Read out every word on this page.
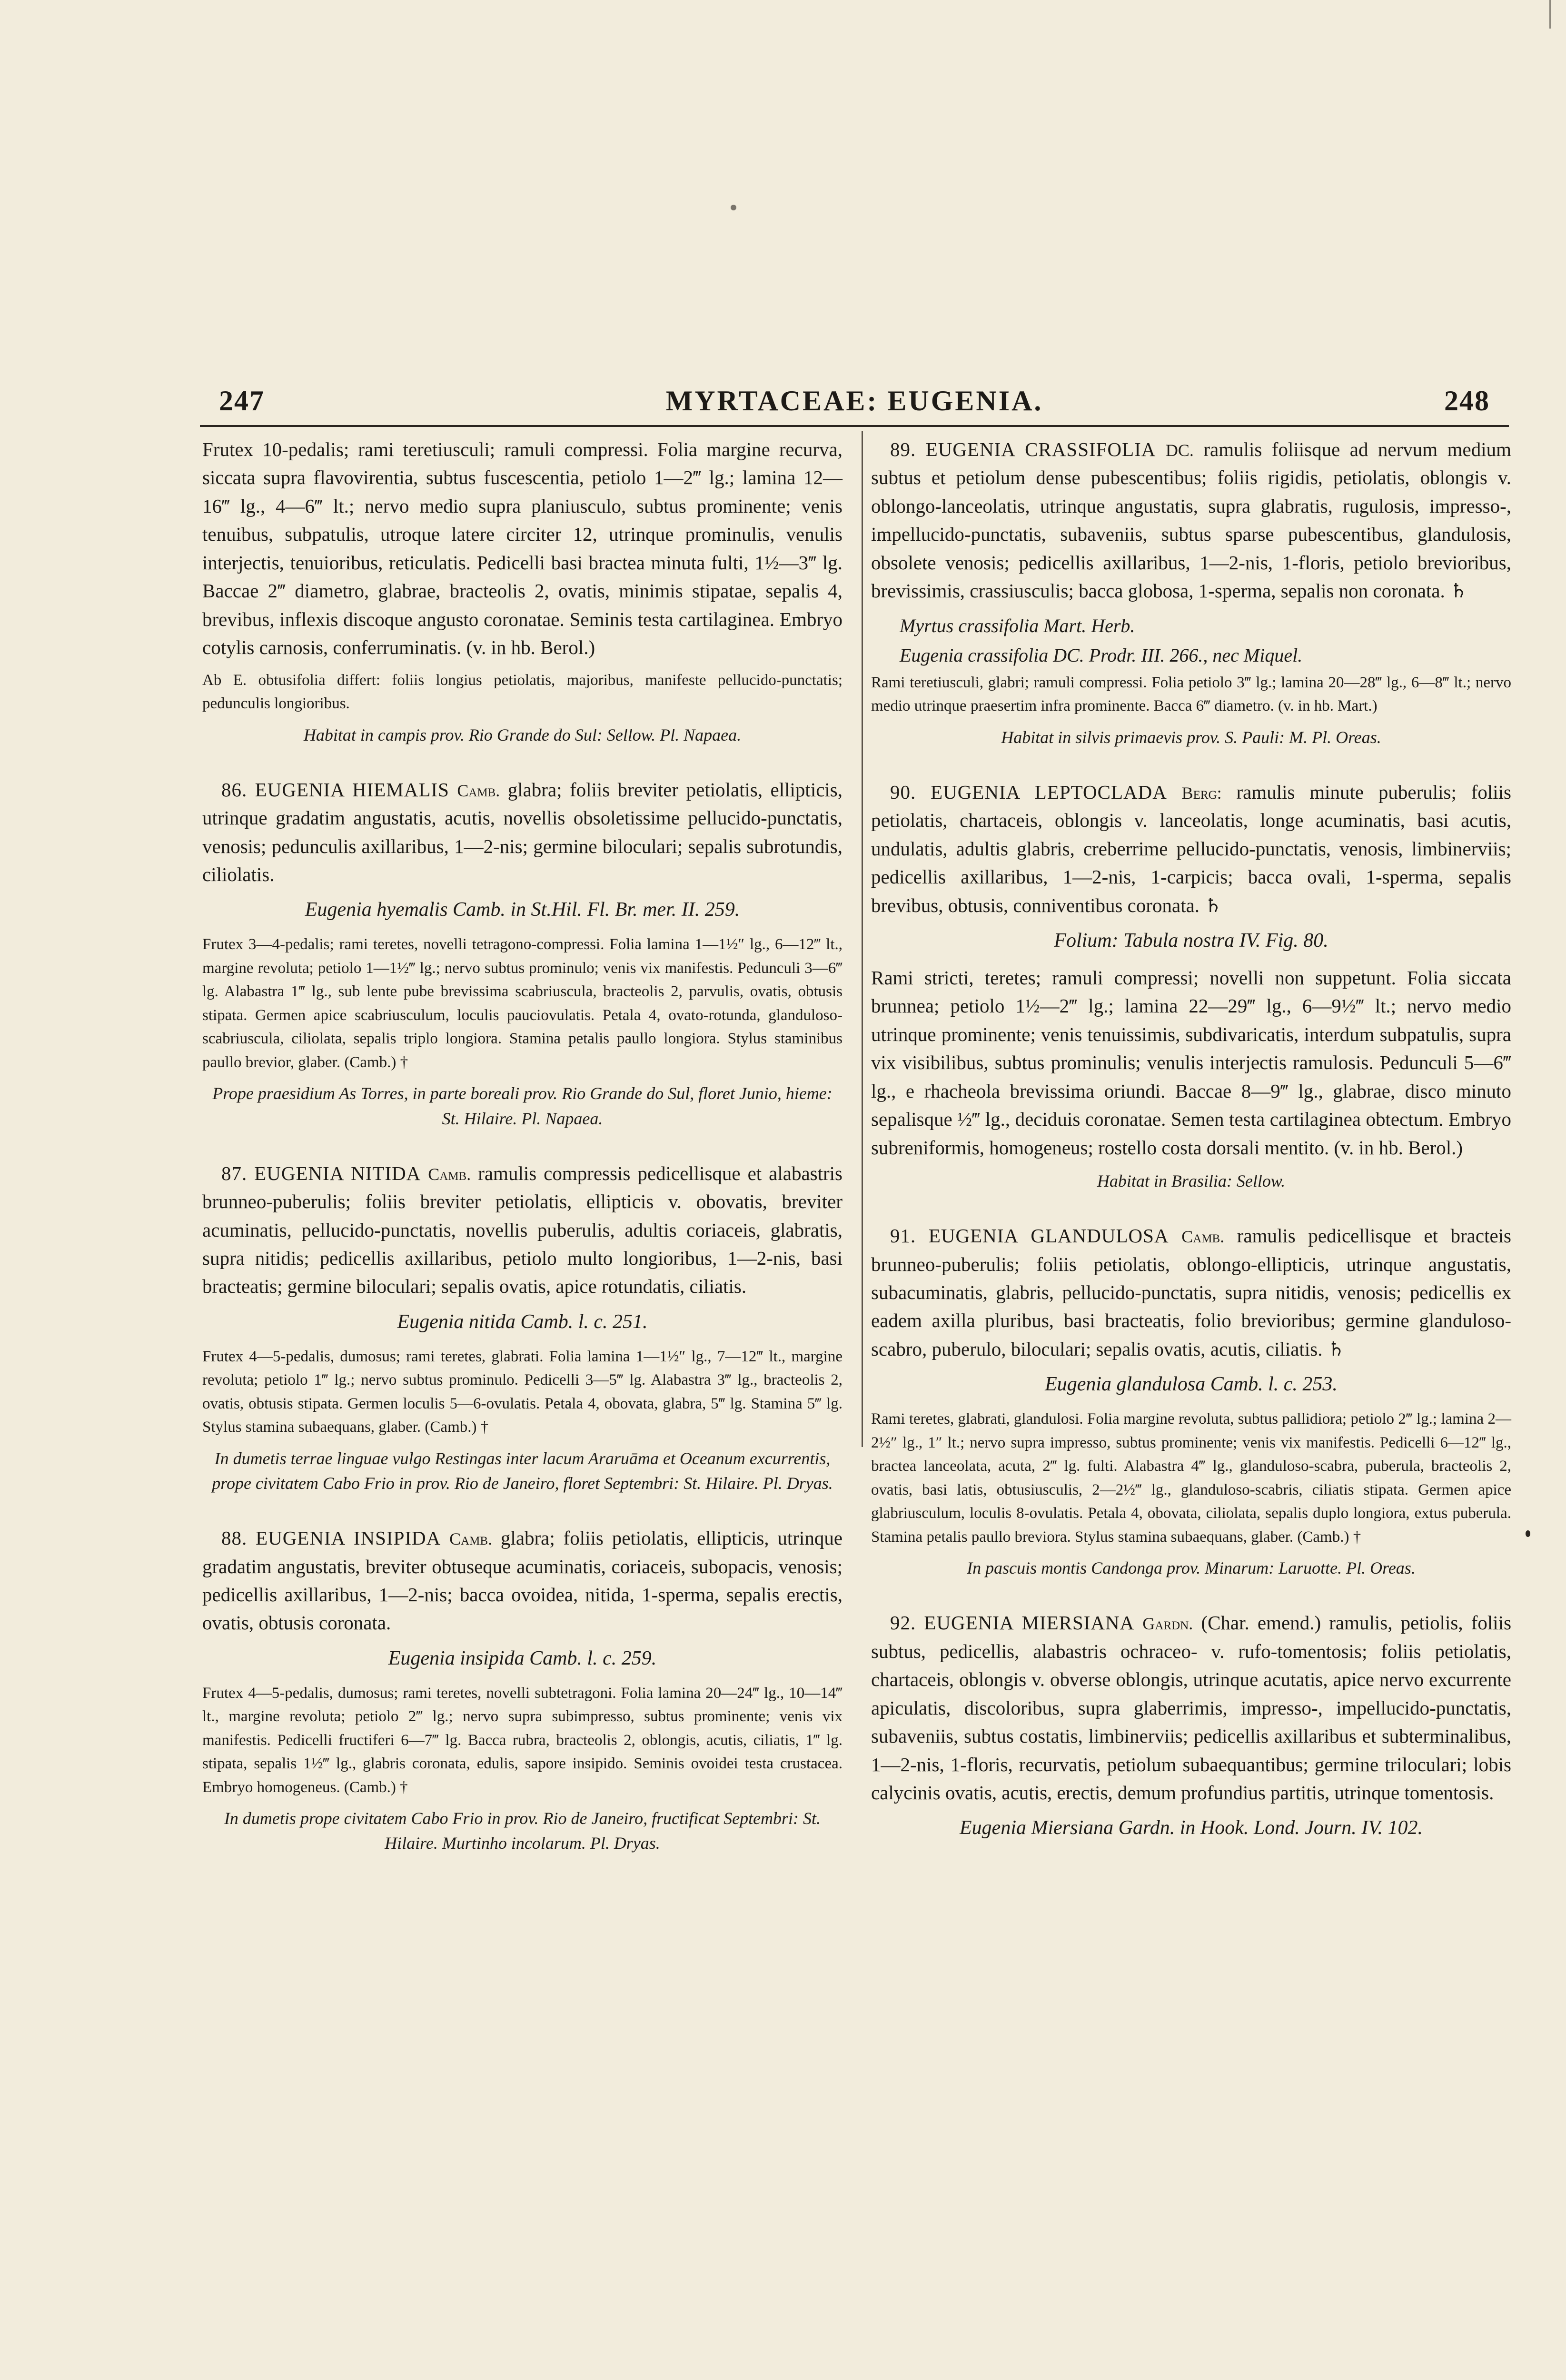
247	MYRTACEAE: EUGENIA.	248

Frutex 10-pedalis; rami teretiusculi; ramuli compressi. Folia margine recurva, siccata supra flavovirentia, subtus fuscescentia, petiolo 1—2‴ lg.; lamina 12—16‴ lg., 4—6‴ lt.; nervo medio supra planiusculo, subtus prominente; venis tenuibus, subpatulis, utroque latere circiter 12, utrinque prominulis, venulis interjectis, tenuioribus, reticulatis. Pedicelli basi bractea minuta fulti, 1½—3‴ lg. Baccae 2‴ diametro, glabrae, bracteolis 2, ovatis, minimis stipatae, sepalis 4, brevibus, inflexis discoque angusto coronatae. Seminis testa cartilaginea. Embryo cotylis carnosis, conferruminatis. (v. in hb. Berol.)

Ab E. obtusifolia differt: foliis longius petiolatis, majoribus, manifeste pellucido-punctatis; pedunculis longioribus.

Habitat in campis prov. Rio Grande do Sul: Sellow. Pl. Napaea.

86. EUGENIA HIEMALIS Camb. glabra; foliis breviter petiolatis, ellipticis, utrinque gradatim angustatis, acutis, novellis obsoletissime pellucido-punctatis, venosis; pedunculis axillaribus, 1—2-nis; germine biloculari; sepalis subrotundis, ciliolatis.

Eugenia hyemalis Camb. in St.Hil. Fl. Br. mer. II. 259.

Frutex 3—4-pedalis; rami teretes, novelli tetragono-compressi. Folia lamina 1—1½″ lg., 6—12‴ lt., margine revoluta; petiolo 1—1½‴ lg.; nervo subtus prominulo; venis vix manifestis. Pedunculi 3—6‴ lg. Alabastra 1‴ lg., sub lente pube brevissima scabriuscula, bracteolis 2, parvulis, ovatis, obtusis stipata. Germen apice scabriusculum, loculis pauciovulatis. Petala 4, ovato-rotunda, glanduloso-scabriuscula, ciliolata, sepalis triplo longiora. Stamina petalis paullo longiora. Stylus staminibus paullo brevior, glaber. (Camb.) †

Prope praesidium As Torres, in parte boreali prov. Rio Grande do Sul, floret Junio, hieme: St. Hilaire. Pl. Napaea.

87. EUGENIA NITIDA Camb. ramulis compressis pedicellisque et alabastris brunneo-puberulis; foliis breviter petiolatis, ellipticis v. obovatis, breviter acuminatis, pellucido-punctatis, novellis puberulis, adultis coriaceis, glabratis, supra nitidis; pedicellis axillaribus, petiolo multo longioribus, 1—2-nis, basi bracteatis; germine biloculari; sepalis ovatis, apice rotundatis, ciliatis.

Eugenia nitida Camb. l. c. 251.

Frutex 4—5-pedalis, dumosus; rami teretes, glabrati. Folia lamina 1—1½″ lg., 7—12‴ lt., margine revoluta; petiolo 1‴ lg.; nervo subtus prominulo. Pedicelli 3—5‴ lg. Alabastra 3‴ lg., bracteolis 2, ovatis, obtusis stipata. Germen loculis 5—6-ovulatis. Petala 4, obovata, glabra, 5‴ lg. Stamina 5‴ lg. Stylus stamina subaequans, glaber. (Camb.) †

In dumetis terrae linguae vulgo Restingas inter lacum Araruāma et Oceanum excurrentis, prope civitatem Cabo Frio in prov. Rio de Janeiro, floret Septembri: St. Hilaire. Pl. Dryas.

88. EUGENIA INSIPIDA Camb. glabra; foliis petiolatis, ellipticis, utrinque gradatim angustatis, breviter obtuseque acuminatis, coriaceis, subopacis, venosis; pedicellis axillaribus, 1—2-nis; bacca ovoidea, nitida, 1-sperma, sepalis erectis, ovatis, obtusis coronata.

Eugenia insipida Camb. l. c. 259.

Frutex 4—5-pedalis, dumosus; rami teretes, novelli subtetragoni. Folia lamina 20—24‴ lg., 10—14‴ lt., margine revoluta; petiolo 2‴ lg.; nervo supra subimpresso, subtus prominente; venis vix manifestis. Pedicelli fructiferi 6—7‴ lg. Bacca rubra, bracteolis 2, oblongis, acutis, ciliatis, 1‴ lg. stipata, sepalis 1½‴ lg., glabris coronata, edulis, sapore insipido. Seminis ovoidei testa crustacea. Embryo homogeneus. (Camb.) †

In dumetis prope civitatem Cabo Frio in prov. Rio de Janeiro, fructificat Septembri: St. Hilaire. Murtinho incolarum. Pl. Dryas.

89. EUGENIA CRASSIFOLIA DC. ramulis foliisque ad nervum medium subtus et petiolum dense pubescentibus; foliis rigidis, petiolatis, oblongis v. oblongo-lanceolatis, utrinque angustatis, supra glabratis, rugulosis, impresso-, impellucido-punctatis, subaveniis, subtus sparse pubescentibus, glandulosis, obsolete venosis; pedicellis axillaribus, 1—2-nis, 1-floris, petiolo brevioribus, brevissimis, crassiusculis; bacca globosa, 1-sperma, sepalis non coronata. ♄

Myrtus crassifolia Mart. Herb.
Eugenia crassifolia DC. Prodr. III. 266., nec Miquel.

Rami teretiusculi, glabri; ramuli compressi. Folia petiolo 3‴ lg.; lamina 20—28‴ lg., 6—8‴ lt.; nervo medio utrinque praesertim infra prominente. Bacca 6‴ diametro. (v. in hb. Mart.)

Habitat in silvis primaevis prov. S. Pauli: M. Pl. Oreas.

90. EUGENIA LEPTOCLADA Berg: ramulis minute puberulis; foliis petiolatis, chartaceis, oblongis v. lanceolatis, longe acuminatis, basi acutis, undulatis, adultis glabris, creberrime pellucido-punctatis, venosis, limbinerviis; pedicellis axillaribus, 1—2-nis, 1-carpicis; bacca ovali, 1-sperma, sepalis brevibus, obtusis, conniventibus coronata. ♄

Folium: Tabula nostra IV. Fig. 80.

Rami stricti, teretes; ramuli compressi; novelli non suppetunt. Folia siccata brunnea; petiolo 1½—2‴ lg.; lamina 22—29‴ lg., 6—9½‴ lt.; nervo medio utrinque prominente; venis tenuissimis, subdivaricatis, interdum subpatulis, supra vix visibilibus, subtus prominulis; venulis interjectis ramulosis. Pedunculi 5—6‴ lg., e rhacheola brevissima oriundi. Baccae 8—9‴ lg., glabrae, disco minuto sepalisque ½‴ lg., deciduis coronatae. Semen testa cartilaginea obtectum. Embryo subreniformis, homogeneus; rostello costa dorsali mentito. (v. in hb. Berol.)

Habitat in Brasilia: Sellow.

91. EUGENIA GLANDULOSA Camb. ramulis pedicellisque et bracteis brunneo-puberulis; foliis petiolatis, oblongo-ellipticis, utrinque angustatis, subacuminatis, glabris, pellucido-punctatis, supra nitidis, venosis; pedicellis ex eadem axilla pluribus, basi bracteatis, folio brevioribus; germine glanduloso-scabro, puberulo, biloculari; sepalis ovatis, acutis, ciliatis. ♄

Eugenia glandulosa Camb. l. c. 253.

Rami teretes, glabrati, glandulosi. Folia margine revoluta, subtus pallidiora; petiolo 2‴ lg.; lamina 2—2½″ lg., 1″ lt.; nervo supra impresso, subtus prominente; venis vix manifestis. Pedicelli 6—12‴ lg., bractea lanceolata, acuta, 2‴ lg. fulti. Alabastra 4‴ lg., glanduloso-scabra, puberula, bracteolis 2, ovatis, basi latis, obtusiusculis, 2—2½‴ lg., glanduloso-scabris, ciliatis stipata. Germen apice glabriusculum, loculis 8-ovulatis. Petala 4, obovata, ciliolata, sepalis duplo longiora, extus puberula. Stamina petalis paullo breviora. Stylus stamina subaequans, glaber. (Camb.) †

In pascuis montis Candonga prov. Minarum: Laruotte. Pl. Oreas.

92. EUGENIA MIERSIANA Gardn. (Char. emend.) ramulis, petiolis, foliis subtus, pedicellis, alabastris ochraceo- v. rufo-tomentosis; foliis petiolatis, chartaceis, oblongis v. obverse oblongis, utrinque acutatis, apice nervo excurrente apiculatis, discoloribus, supra glaberrimis, impresso-, impellucido-punctatis, subaveniis, subtus costatis, limbinerviis; pedicellis axillaribus et subterminalibus, 1—2-nis, 1-floris, recurvatis, petiolum subaequantibus; germine triloculari; lobis calycinis ovatis, acutis, erectis, demum profundius partitis, utrinque tomentosis.

Eugenia Miersiana Gardn. in Hook. Lond. Journ. IV. 102.
